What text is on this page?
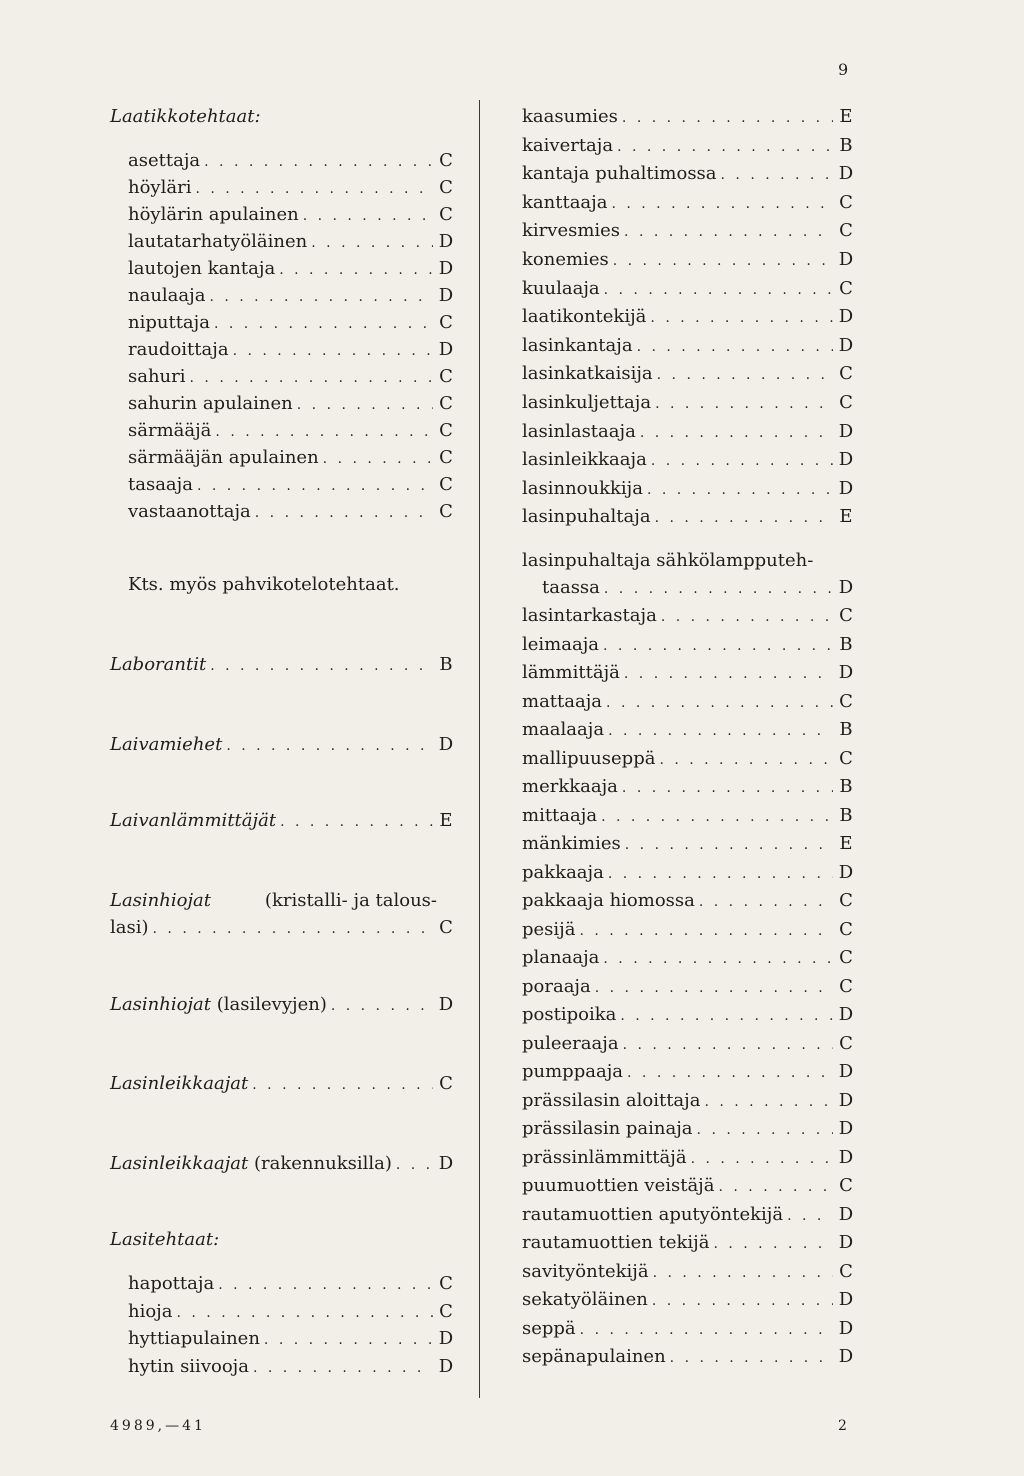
9
Laatikkotehtaat:
asettaja . . .	C
höyläri . . .	C
höylärin apulainen . . .	C
lautatarhatyöläinen . . .	D
lautojen kantaja . . .	D
naulaaja . . .	D
niputtaja . . .	C
raudoittaja . . .	D
sahuri . . .	C
sahurin apulainen . . .	C
särmääjä . . .	C
särmääjän apulainen . . .	C
tasaaja . . .	C
vastaanottaja . . .	C
Kts. myös pahvikotelotehtaat.
Laborantit . . .	B
Laivamiehet . . .	D
Laivanlämmittäjät . . .	E
Lasinhiojat	(kristalli- ja talous-
lasi) . . .	C
Lasinhiojat (lasilevyjen) . . .	D
Lasinleikkaajat . . .	C
Lasinleikkaajat (rakennuksilla) . . .	D
Lasitehtaat:
hapottaja . . .	C
hioja . . .	C
hyttiapulainen . . .	D
hytin siivooja . . .	D
kaasumies . . .	E
kaivertaja . . .	B
kantaja puhaltimossa . . .	D
kanttaaja . . .	C
kirvesmies . . .	C
konemies . . .	D
kuulaaja . . .	C
laatikontekijä . . .	D
lasinkantaja . . .	D
lasinkatkaisija . . .	C
lasinkuljettaja . . .	C
lasinlastaaja . . .	D
lasinleikkaaja . . .	D
lasinnoukkija . . .	D
lasinpuhaltaja . . .	E
lasinpuhaltaja sähkölampputeh-
taassa . . .	D
lasintarkastaja . . .	C
leimaaja . . .	B
lämmittäjä . . .	D
mattaaja . . .	C
maalaaja . . .	B
mallipuuseppä . . .	C
merkkaaja . . .	B
mittaaja . . .	B
mänkimies . . .	E
pakkaaja . . .	D
pakkaaja hiomossa . . .	C
pesijä . . .	C
planaaja . . .	C
poraaja . . .	C
postipoika . . .	D
puleeraaja . . .	C
pumppaaja . . .	D
prässilasin aloittaja . . .	D
prässilasin painaja . . .	D
prässinlämmittäjä . . .	D
puumuottien veistäjä . . .	C
rautamuottien aputyöntekijä . . .	D
rautamuottien tekijä . . .	D
savityöntekijä . . .	C
sekatyöläinen . . .	D
seppä . . .	D
sepänapulainen . . .	D
4989,—41	2
